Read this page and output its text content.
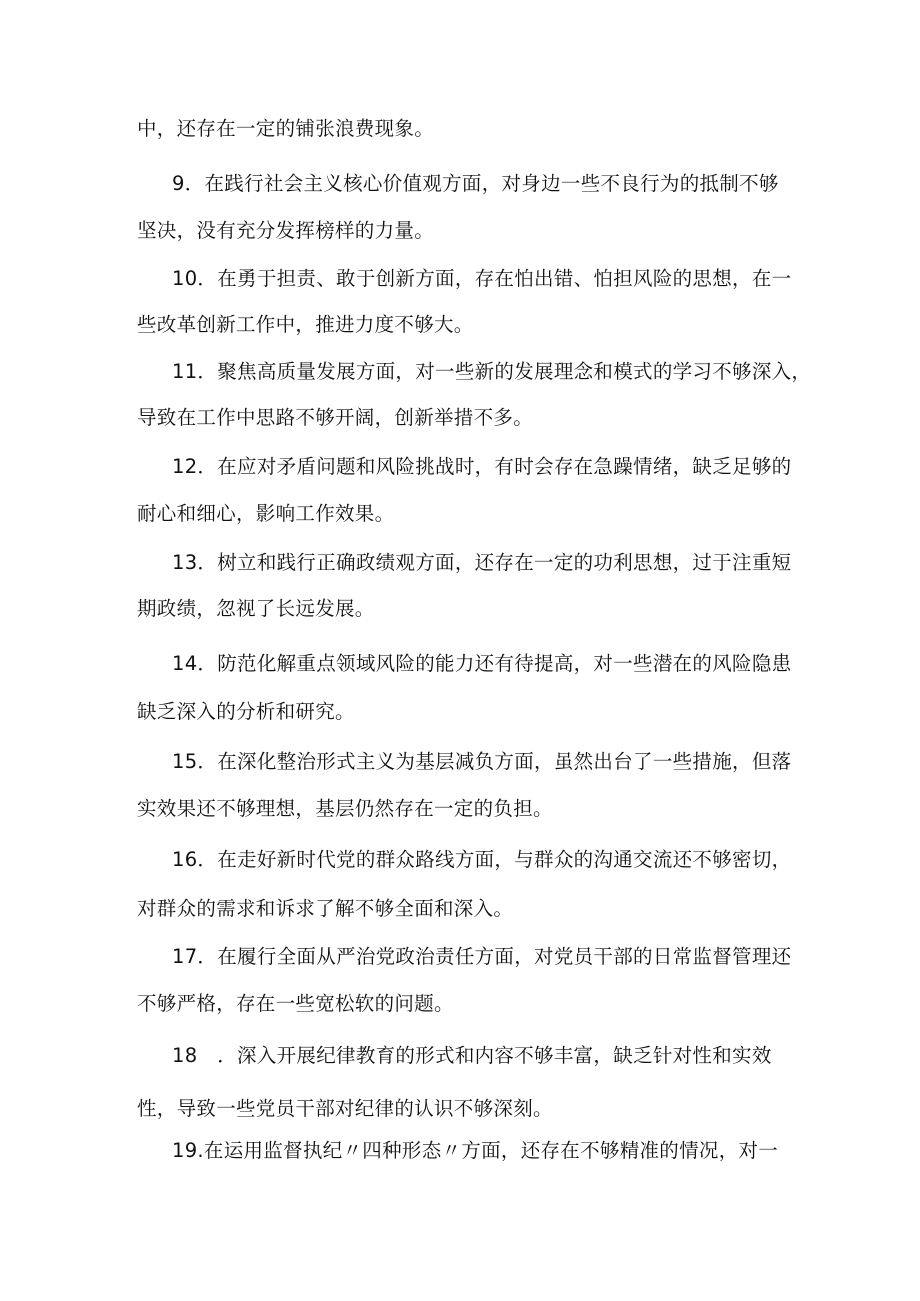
中，还存在一定的铺张浪费现象。
9．在践行社会主义核心价值观方面，对身边一些不良行为的抵制不够
坚决，没有充分发挥榜样的力量。
10．在勇于担责、敢于创新方面，存在怕出错、怕担风险的思想，在一
些改革创新工作中，推进力度不够大。
11．聚焦高质量发展方面，对一些新的发展理念和模式的学习不够深入，
导致在工作中思路不够开阔，创新举措不多。
12．在应对矛盾问题和风险挑战时，有时会存在急躁情绪，缺乏足够的
耐心和细心，影响工作效果。
13．树立和践行正确政绩观方面，还存在一定的功利思想，过于注重短
期政绩，忽视了长远发展。
14．防范化解重点领域风险的能力还有待提高，对一些潜在的风险隐患
缺乏深入的分析和研究。
15．在深化整治形式主义为基层减负方面，虽然出台了一些措施，但落
实效果还不够理想，基层仍然存在一定的负担。
16．在走好新时代党的群众路线方面，与群众的沟通交流还不够密切，
对群众的需求和诉求了解不够全面和深入。
17．在履行全面从严治党政治责任方面，对党员干部的日常监督管理还
不够严格，存在一些宽松软的问题。
18　．深入开展纪律教育的形式和内容不够丰富，缺乏针对性和实效
性，导致一些党员干部对纪律的认识不够深刻。
19.在运用监督执纪〃四种形态〃方面，还存在不够精准的情况，对一
